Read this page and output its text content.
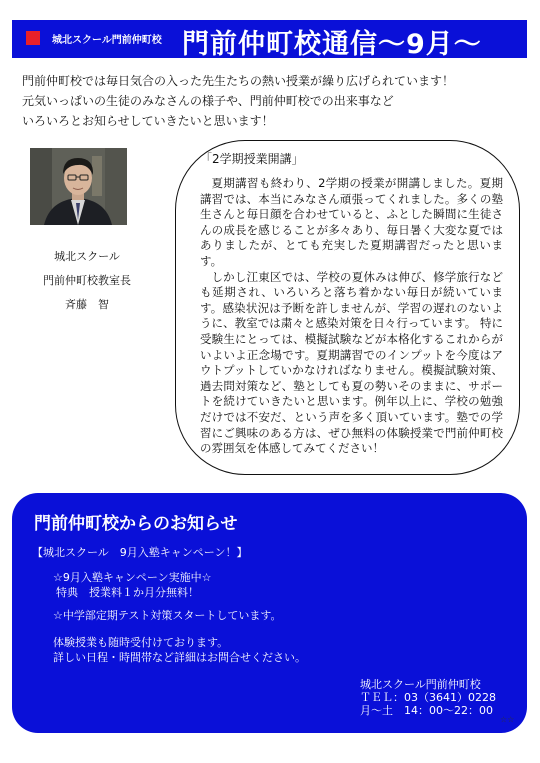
城北スクール門前仲町校 門前仲町校通信～9月～
門前仲町校では毎日気合の入った先生たちの熱い授業が繰り広げられています！
元気いっぱいの生徒のみなさんの様子や、門前仲町校での出来事など
いろいろとお知らせしていきたいと思います！
城北スクール
門前仲町校教室長
斉藤　智
「2学期授業開講」

夏期講習も終わり、2学期の授業が開講しました。夏期講習では、本当にみなさん頑張ってくれました。多くの塾生さんと毎日顔を合わせていると、ふとした瞬間に生徒さんの成長を感じることが多々あり、毎日暑く大変な夏ではありましたが、とても充実した夏期講習だったと思います。

しかし江東区では、学校の夏休みは伸び、修学旅行なども延期され、いろいろと落ち着かない毎日が続いています。感染状況は予断を許しませんが、学習の遅れのないように、教室では粛々と感染対策を日々行っています。 特に受験生にとっては、模擬試験などが本格化するこれからがいよいよ正念場です。夏期講習でのインプットを今度はアウトプットしていかなければなりません。模擬試験対策、過去問対策など、塾としても夏の勢いそのままに、サポートを続けていきたいと思います。例年以上に、学校の勉強だけでは不安だ、という声を多く頂いています。塾での学習にご興味のある方は、ぜひ無料の体験授業で門前仲町校の雰囲気を体感してみてください！

門前仲町校からのお知らせ
【城北スクール　9月入塾キャンペーン！】
☆9月入塾キャンペーン実施中☆
特典　授業料１か月分無料！
☆中学部定期テスト対策スタートしています。
体験授業も随時受付けております。
詳しい日程・時間帯など詳細はお問合せください。
城北スクール門前仲町校
ＴＥＬ：03（3641）0228
月～土　14：00～22：00
☆☆
